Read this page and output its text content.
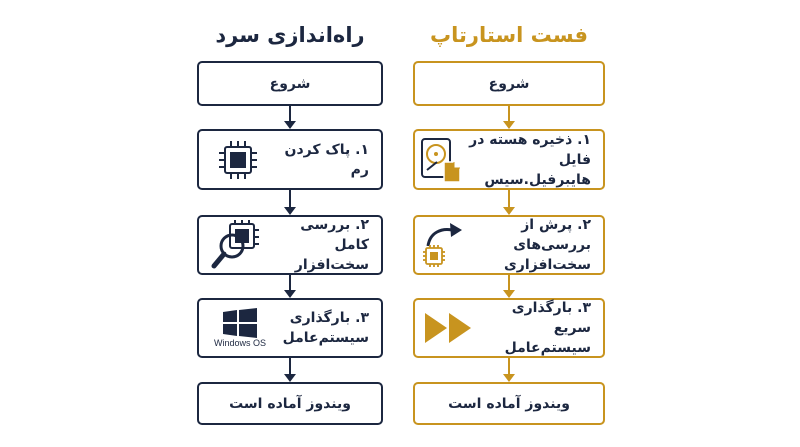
راه‌اندازی سرد	فست استارتاپ
شروع
۱. پاک کردن رم
۲. بررسی کامل
سخت‌افزار
۳. بارگذاری
سیستم‌عامل
Windows OS
ویندوز آماده است
شروع
۱. ذخیره هسته در فایل
هایبرفیل.سیس
۲. پرش از بررسی‌های
سخت‌افزاری
۳. بارگذاری سریع
سیستم‌عامل
ویندوز آماده است
